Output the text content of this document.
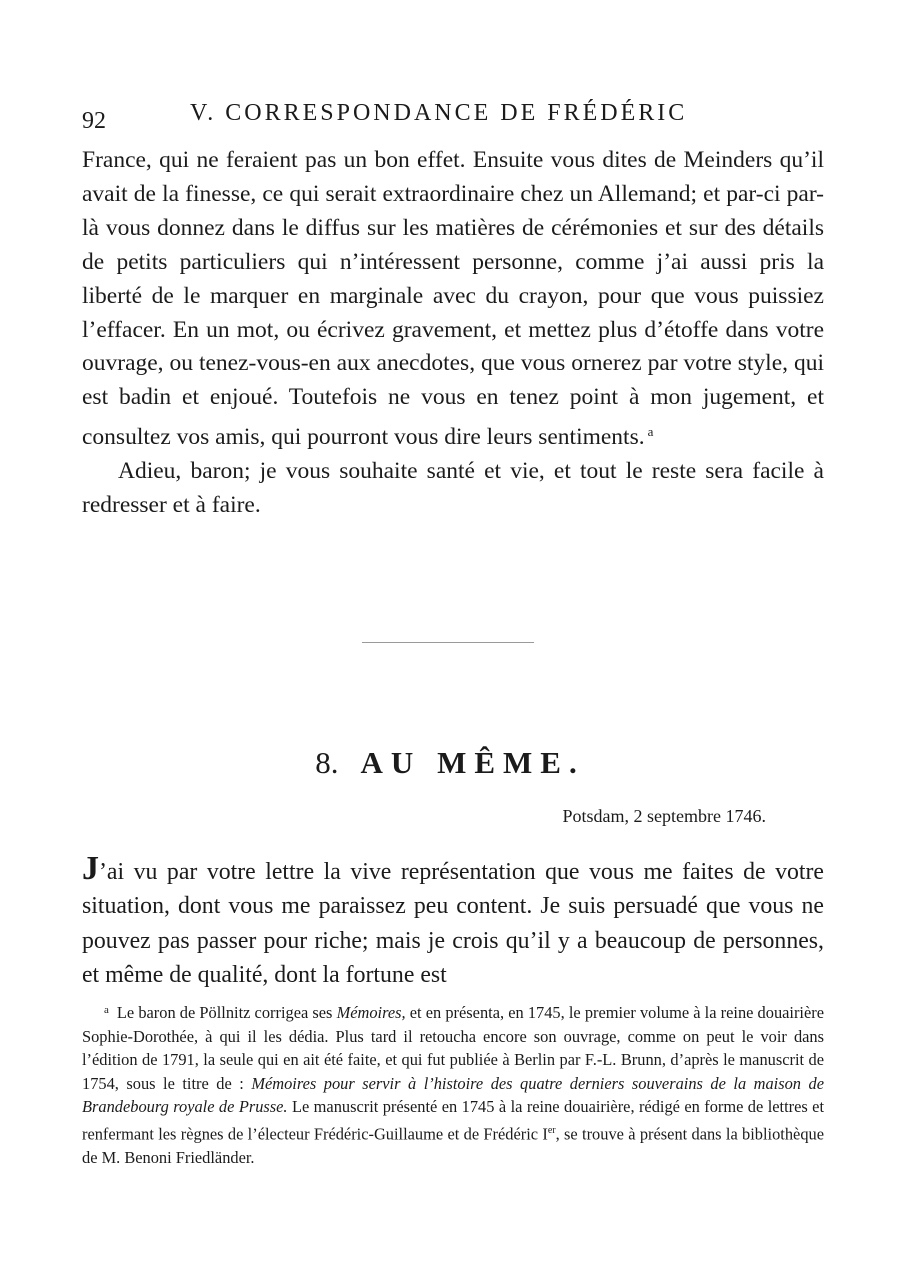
92	V. CORRESPONDANCE DE FRÉDÉRIC

France, qui ne feraient pas un bon effet. Ensuite vous dites de Meinders qu’il avait de la finesse, ce qui serait extraordinaire chez un Allemand; et par-ci par-là vous donnez dans le diffus sur les matières de cérémonies et sur des détails de petits particuliers qui n’intéressent personne, comme j’ai aussi pris la liberté de le marquer en marginale avec du crayon, pour que vous puissiez l’effacer. En un mot, ou écrivez gravement, et mettez plus d’étoffe dans votre ouvrage, ou tenez-vous-en aux anecdotes, que vous ornerez par votre style, qui est badin et enjoué. Toutefois ne vous en tenez point à mon jugement, et consultez vos amis, qui pourront vous dire leurs sentiments. $^a$

Adieu, baron; je vous souhaite santé et vie, et tout le reste sera facile à redresser et à faire.

8. AU MÊME.
Potsdam, 2 septembre 1746.

J’ai vu par votre lettre la vive représentation que vous me faites de votre situation, dont vous me paraissez peu content. Je suis persuadé que vous ne pouvez pas passer pour riche; mais je crois qu’il y a beaucoup de personnes, et même de qualité, dont la fortune est

$^a$ Le baron de Pöllnitz corrigea ses Mémoires, et en présenta, en 1745, le premier volume à la reine douairière Sophie-Dorothée, à qui il les dédia. Plus tard il retoucha encore son ouvrage, comme on peut le voir dans l’édition de 1791, la seule qui en ait été faite, et qui fut publiée à Berlin par F.-L. Brunn, d’après le manuscrit de 1754, sous le titre de : Mémoires pour servir à l’histoire des quatre derniers souverains de la maison de Brandebourg royale de Prusse. Le manuscrit présenté en 1745 à la reine douairière, rédigé en forme de lettres et renfermant les règnes de l’électeur Frédéric-Guillaume et de Frédéric Ier, se trouve à présent dans la bibliothèque de M. Benoni Friedländer.
